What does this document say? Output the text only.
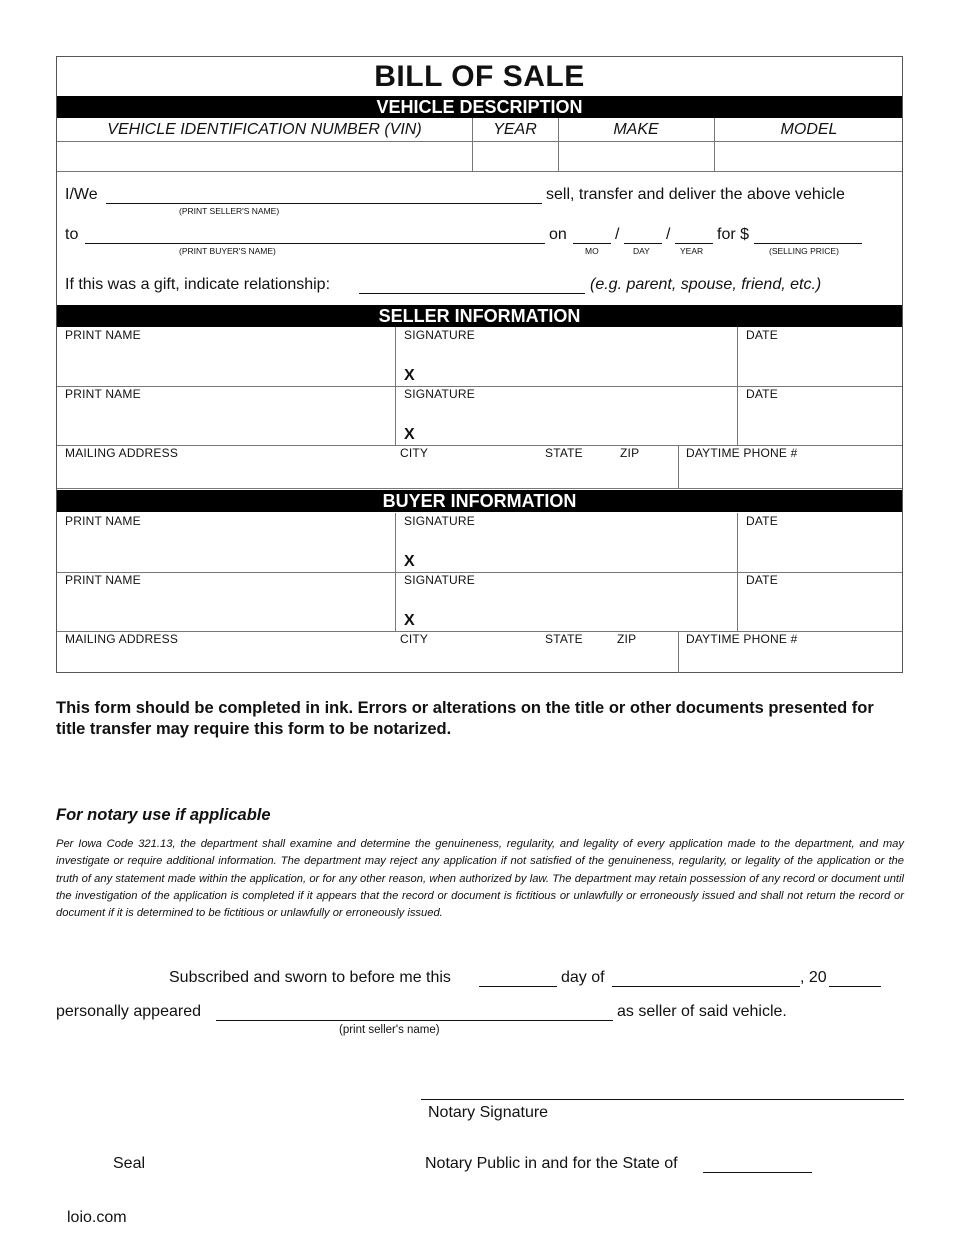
BILL OF SALE
VEHICLE DESCRIPTION
VEHICLE IDENTIFICATION NUMBER (VIN)	YEAR	MAKE	MODEL
I/We	sell, transfer and deliver the above vehicle
(PRINT SELLER'S NAME)
to	on	/	/	for $
(PRINT BUYER'S NAME)	MO	DAY	YEAR	(SELLING PRICE)
If this was a gift, indicate relationship:	(e.g. parent, spouse, friend, etc.)
SELLER INFORMATION
PRINT NAME	SIGNATURE	DATE
X
PRINT NAME	SIGNATURE	DATE
X
MAILING ADDRESS	CITY	STATE	ZIP	DAYTIME PHONE #
BUYER INFORMATION
PRINT NAME	SIGNATURE	DATE
X
PRINT NAME	SIGNATURE	DATE
X
MAILING ADDRESS	CITY	STATE	ZIP	DAYTIME PHONE #
This form should be completed in ink. Errors or alterations on the title or other documents presented for title transfer may require this form to be notarized.
For notary use if applicable
Per Iowa Code 321.13, the department shall examine and determine the genuineness, regularity, and legality of every application made to the department, and may investigate or require additional information. The department may reject any application if not satisfied of the genuineness, regularity, or legality of the application or the truth of any statement made within the application, or for any other reason, when authorized by law. The department may retain possession of any record or document until the investigation of the application is completed if it appears that the record or document is fictitious or unlawfully or erroneously issued and shall not return the record or document if it is determined to be fictitious or unlawfully or erroneously issued.
Subscribed and sworn to before me this	day of	, 20
personally appeared	as seller of said vehicle.
(print seller's name)
Notary Signature
Seal	Notary Public in and for the State of
loio.com
